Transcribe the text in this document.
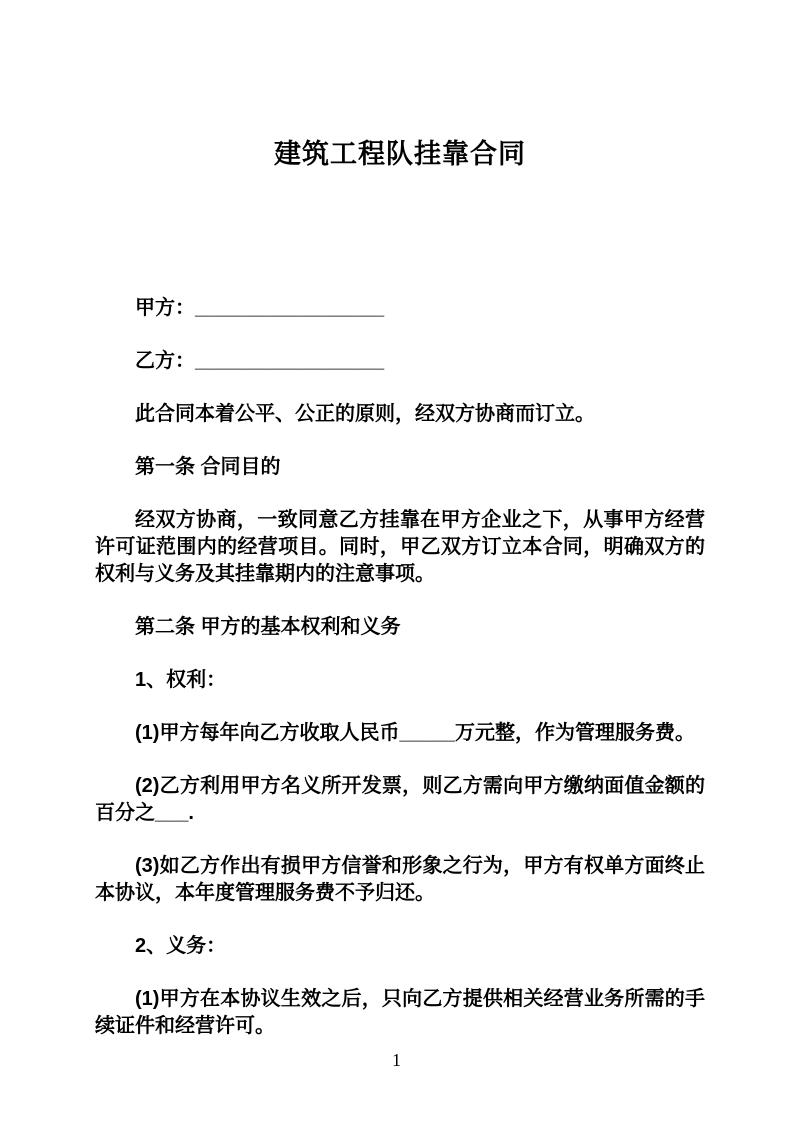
建筑工程队挂靠合同

甲方：_________________

乙方：_________________

此合同本着公平、公正的原则，经双方协商而订立。

第一条 合同目的

经双方协商，一致同意乙方挂靠在甲方企业之下，从事甲方经营许可证范围内的经营项目。同时，甲乙双方订立本合同，明确双方的权利与义务及其挂靠期内的注意事项。

第二条 甲方的基本权利和义务

1、权利：

(1)甲方每年向乙方收取人民币_____万元整，作为管理服务费。

(2)乙方利用甲方名义所开发票，则乙方需向甲方缴纳面值金额的百分之___.

(3)如乙方作出有损甲方信誉和形象之行为，甲方有权单方面终止本协议，本年度管理服务费不予归还。

2、义务：

(1)甲方在本协议生效之后，只向乙方提供相关经营业务所需的手续证件和经营许可。

1
